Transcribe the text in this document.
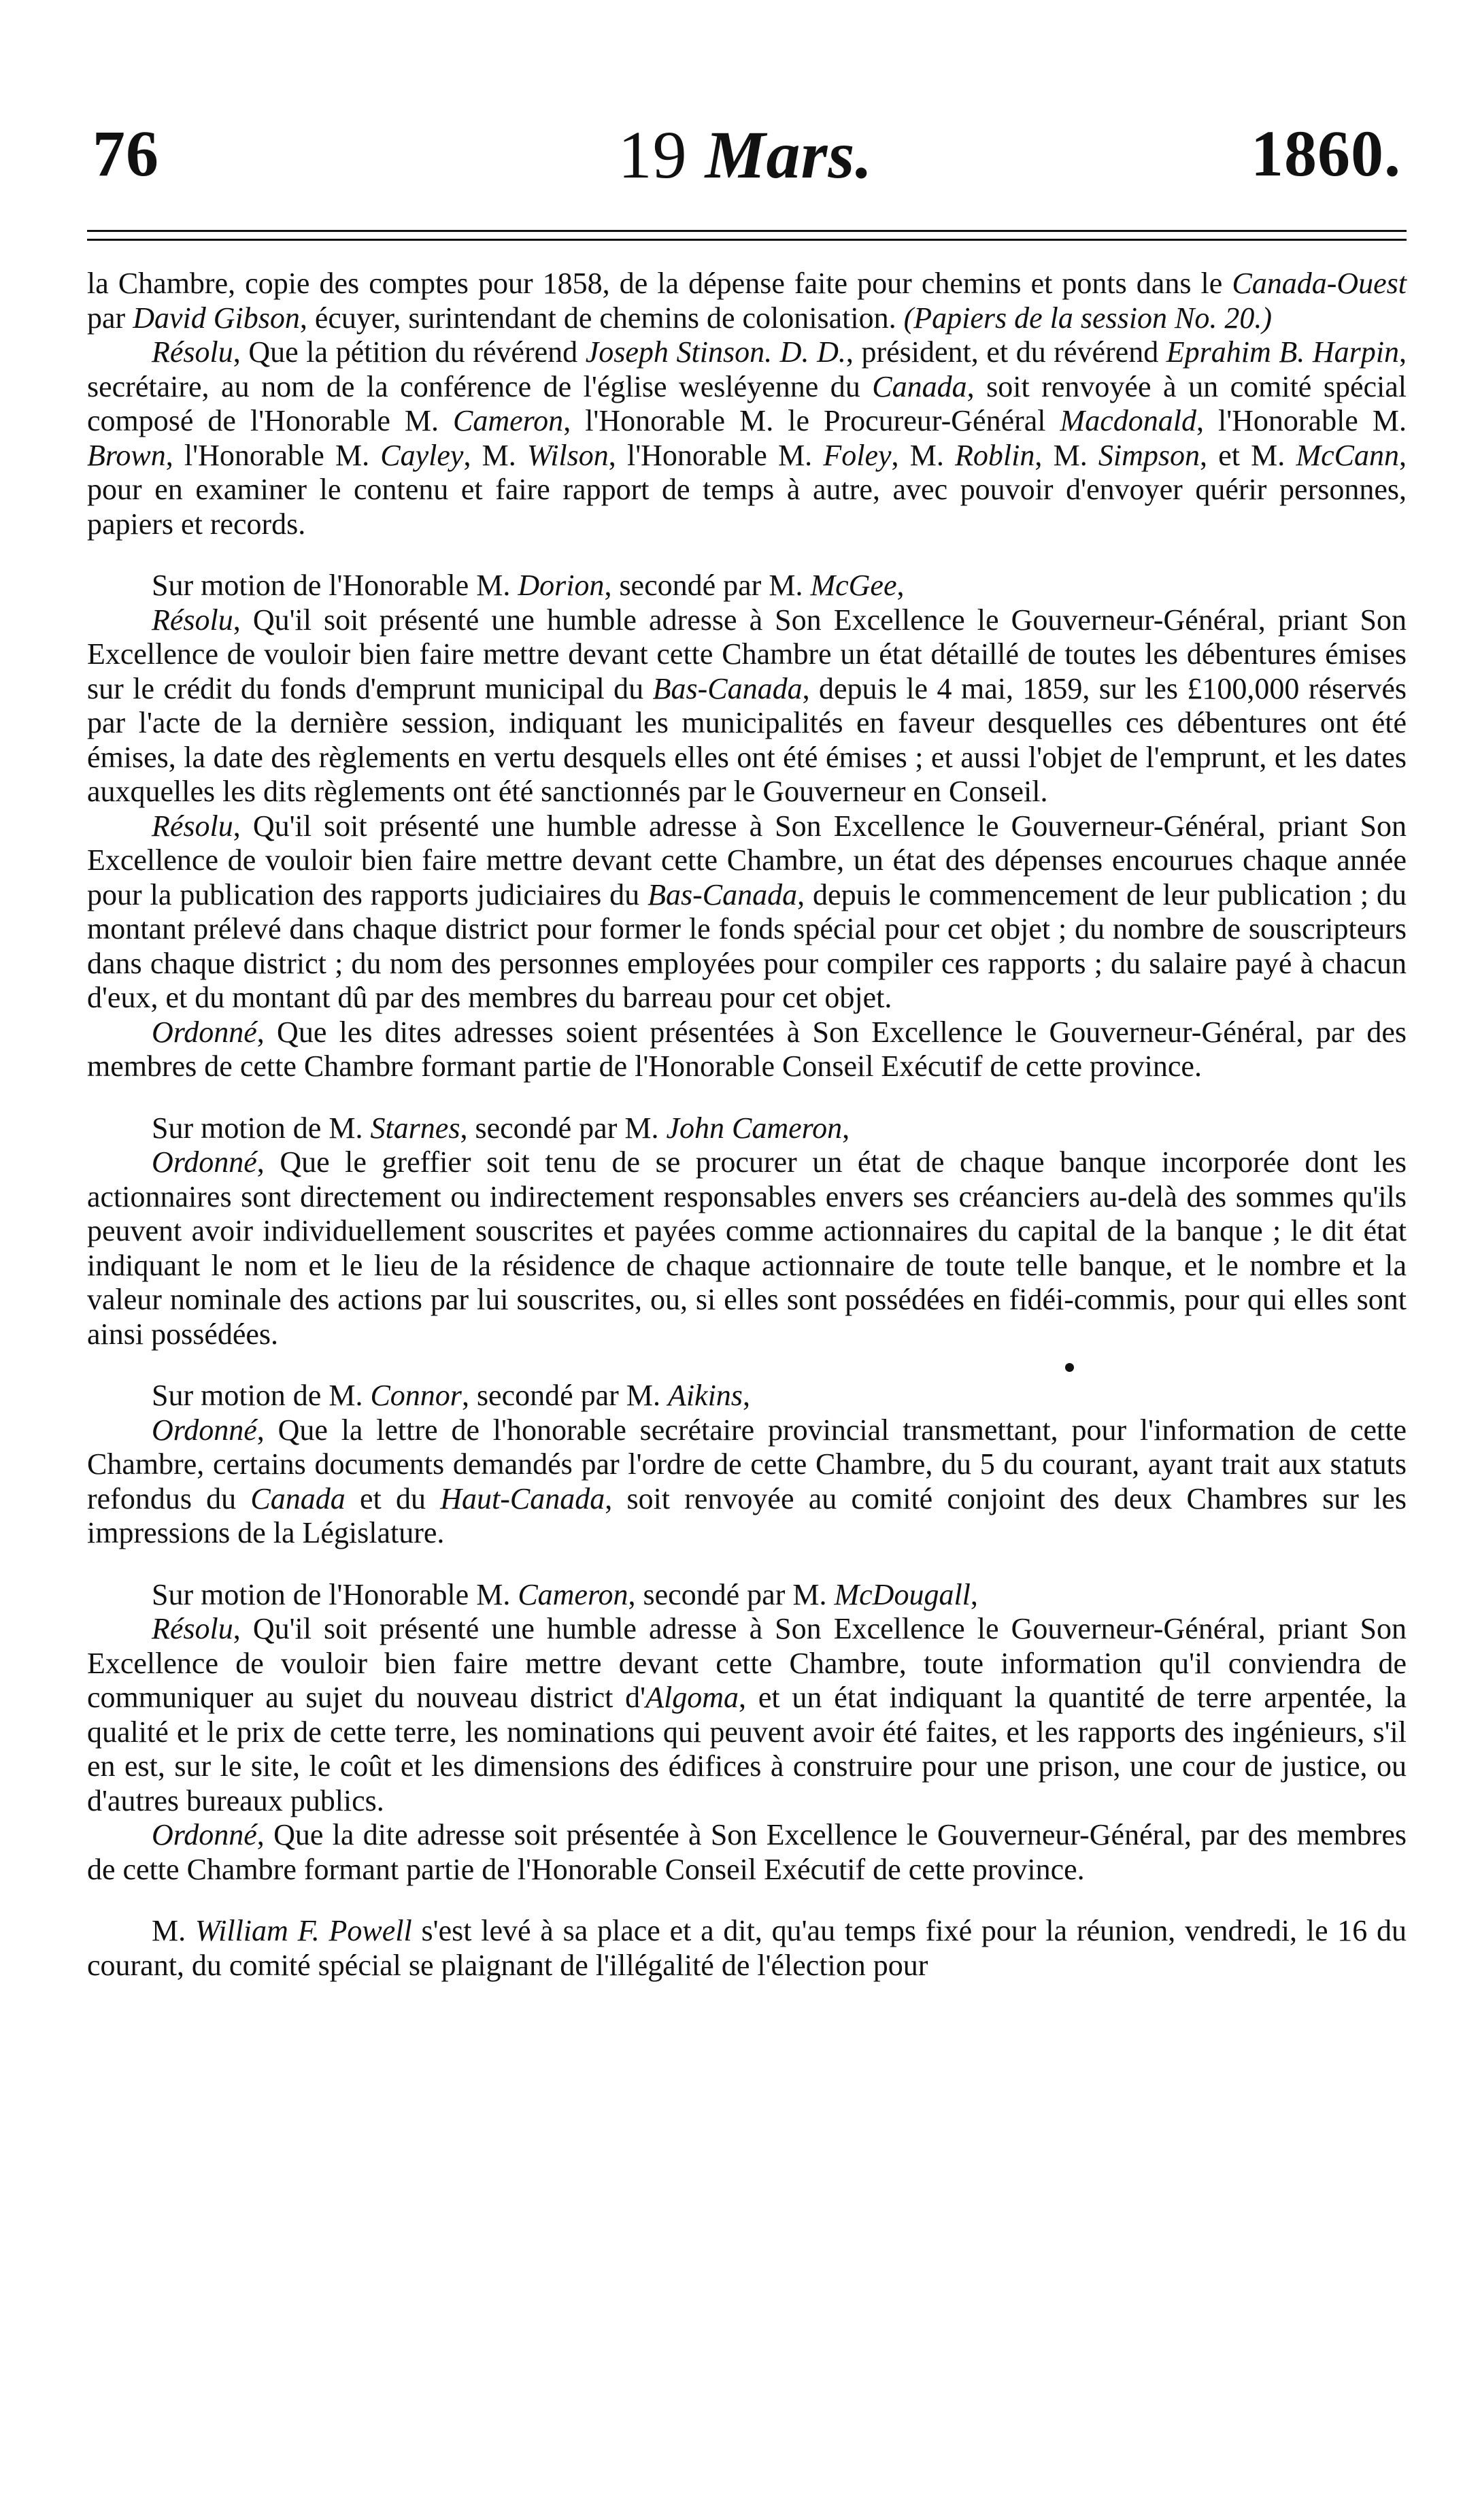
76	19 Mars.	1860.

la Chambre, copie des comptes pour 1858, de la dépense faite pour chemins et ponts dans le Canada-Ouest par David Gibson, écuyer, surintendant de chemins de colonisation. (Papiers de la session No. 20.)

Résolu, Que la pétition du révérend Joseph Stinson. D. D., président, et du révérend Eprahim B. Harpin, secrétaire, au nom de la conférence de l'église wesléyenne du Canada, soit renvoyée à un comité spécial composé de l'Honorable M. Cameron, l'Honorable M. le Procureur-Général Macdonald, l'Honorable M. Brown, l'Honorable M. Cayley, M. Wilson, l'Honorable M. Foley, M. Roblin, M. Simpson, et M. McCann, pour en examiner le contenu et faire rapport de temps à autre, avec pouvoir d'envoyer quérir personnes, papiers et records.

Sur motion de l'Honorable M. Dorion, secondé par M. McGee,

Résolu, Qu'il soit présenté une humble adresse à Son Excellence le Gouverneur-Général, priant Son Excellence de vouloir bien faire mettre devant cette Chambre un état détaillé de toutes les débentures émises sur le crédit du fonds d'emprunt municipal du Bas-Canada, depuis le 4 mai, 1859, sur les £100,000 réservés par l'acte de la dernière session, indiquant les municipalités en faveur desquelles ces débentures ont été émises, la date des règlements en vertu desquels elles ont été émises ; et aussi l'objet de l'emprunt, et les dates auxquelles les dits règlements ont été sanctionnés par le Gouverneur en Conseil.

Résolu, Qu'il soit présenté une humble adresse à Son Excellence le Gouverneur-Général, priant Son Excellence de vouloir bien faire mettre devant cette Chambre, un état des dépenses encourues chaque année pour la publication des rapports judiciaires du Bas-Canada, depuis le commencement de leur publication ; du montant prélevé dans chaque district pour former le fonds spécial pour cet objet ; du nombre de souscripteurs dans chaque district ; du nom des personnes employées pour compiler ces rapports ; du salaire payé à chacun d'eux, et du montant dû par des membres du barreau pour cet objet.

Ordonné, Que les dites adresses soient présentées à Son Excellence le Gouverneur-Général, par des membres de cette Chambre formant partie de l'Honorable Conseil Exécutif de cette province.

Sur motion de M. Starnes, secondé par M. John Cameron,

Ordonné, Que le greffier soit tenu de se procurer un état de chaque banque incorporée dont les actionnaires sont directement ou indirectement responsables envers ses créanciers au-delà des sommes qu'ils peuvent avoir individuellement souscrites et payées comme actionnaires du capital de la banque ; le dit état indiquant le nom et le lieu de la résidence de chaque actionnaire de toute telle banque, et le nombre et la valeur nominale des actions par lui souscrites, ou, si elles sont possédées en fidéi-commis, pour qui elles sont ainsi possédées.

Sur motion de M. Connor, secondé par M. Aikins,

Ordonné, Que la lettre de l'honorable secrétaire provincial transmettant, pour l'information de cette Chambre, certains documents demandés par l'ordre de cette Chambre, du 5 du courant, ayant trait aux statuts refondus du Canada et du Haut-Canada, soit renvoyée au comité conjoint des deux Chambres sur les impressions de la Législature.

Sur motion de l'Honorable M. Cameron, secondé par M. McDougall,

Résolu, Qu'il soit présenté une humble adresse à Son Excellence le Gouverneur-Général, priant Son Excellence de vouloir bien faire mettre devant cette Chambre, toute information qu'il conviendra de communiquer au sujet du nouveau district d'Algoma, et un état indiquant la quantité de terre arpentée, la qualité et le prix de cette terre, les nominations qui peuvent avoir été faites, et les rapports des ingénieurs, s'il en est, sur le site, le coût et les dimensions des édifices à construire pour une prison, une cour de justice, ou d'autres bureaux publics.

Ordonné, Que la dite adresse soit présentée à Son Excellence le Gouverneur-Général, par des membres de cette Chambre formant partie de l'Honorable Conseil Exécutif de cette province.

M. William F. Powell s'est levé à sa place et a dit, qu'au temps fixé pour la réunion, vendredi, le 16 du courant, du comité spécial se plaignant de l'illégalité de l'élection pour
